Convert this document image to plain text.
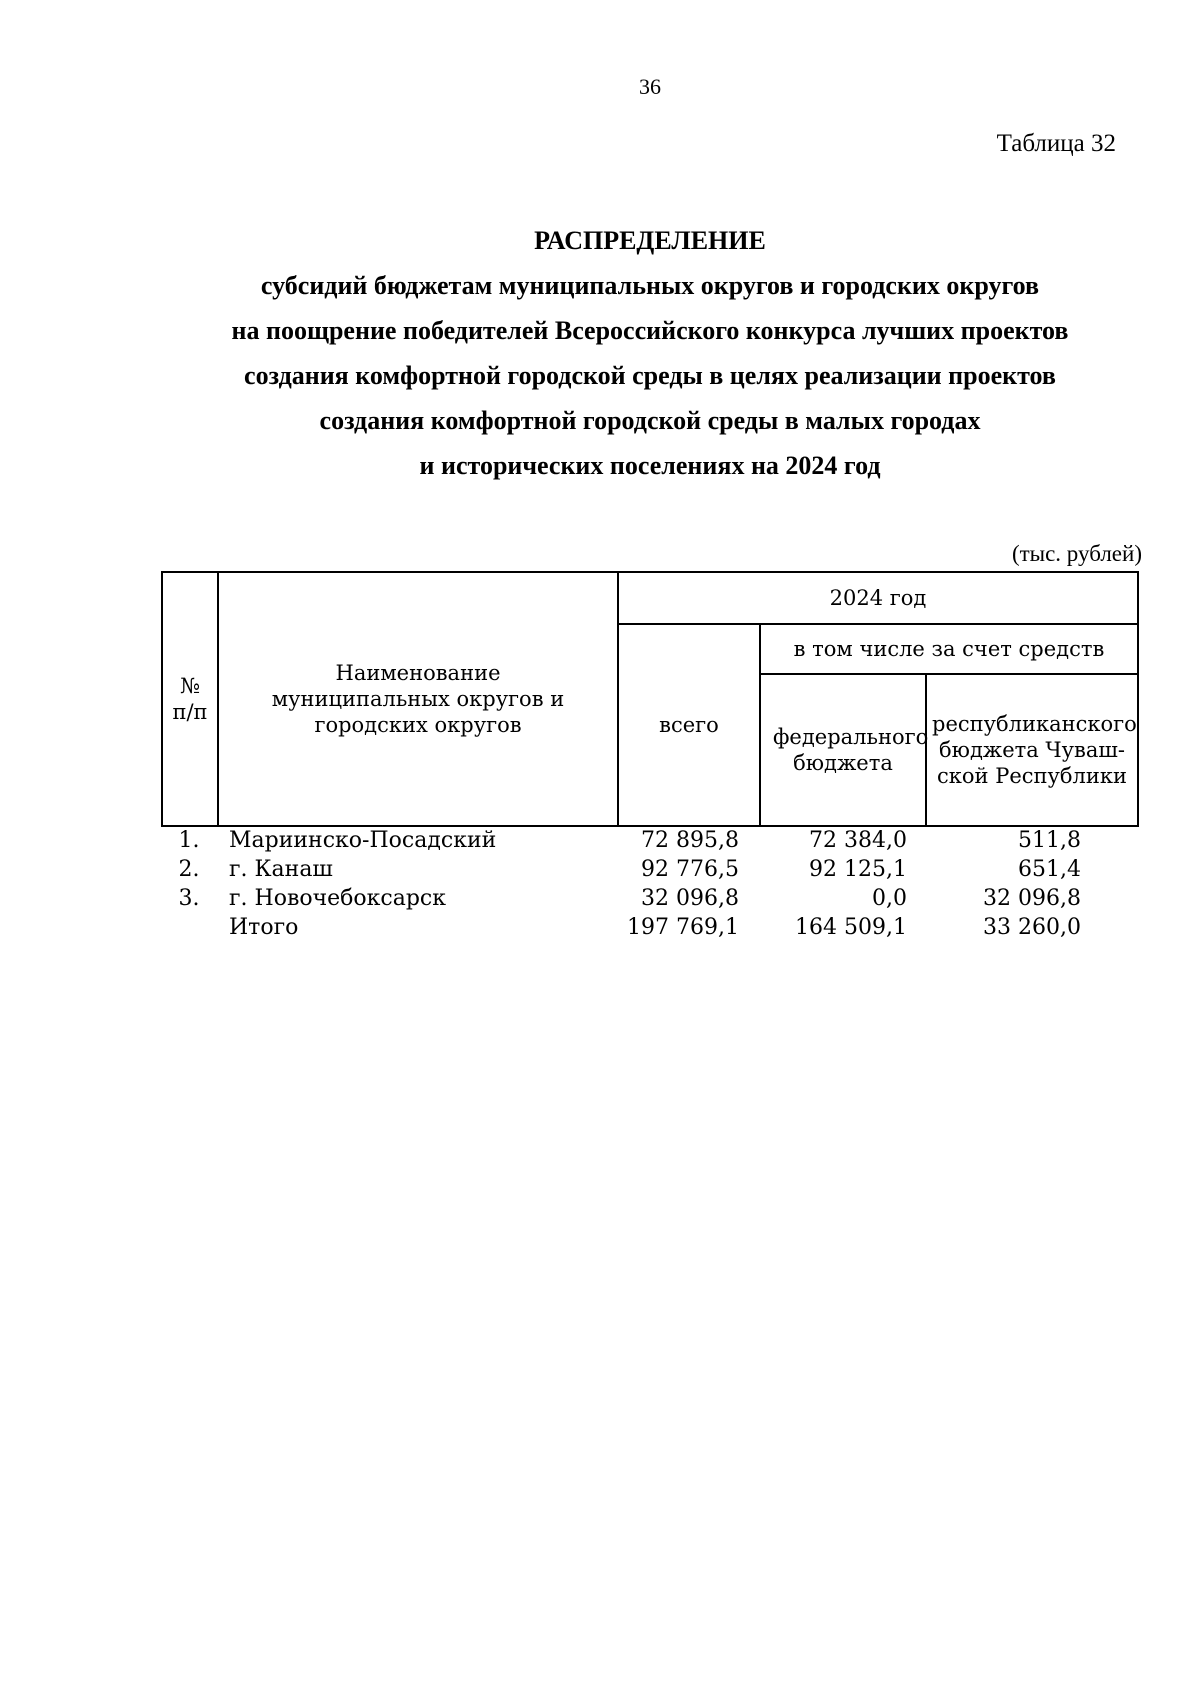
36
Таблица 32
РАСПРЕДЕЛЕНИЕ
субсидий бюджетам муниципальных округов и городских округов
на поощрение победителей Всероссийского конкурса лучших проектов
создания комфортной городской среды в целях реализации проектов
создания комфортной городской среды в малых городах
и исторических поселениях на 2024 год
(тыс. рублей)
№ п/п	Наименование муниципальных округов и городских округов	2024 год		
		всего	в том числе за счет средств	

			федерального бюджета	республиканского бюджета Чуваш-ской Республики
1.	Мариинско-Посадский	72 895,8	72 384,0	511,8
2.	г. Канаш	92 776,5	92 125,1	651,4
3.	г. Новочебоксарск	32 096,8	0,0	32 096,8
	Итого	197 769,1	164 509,1	33 260,0
